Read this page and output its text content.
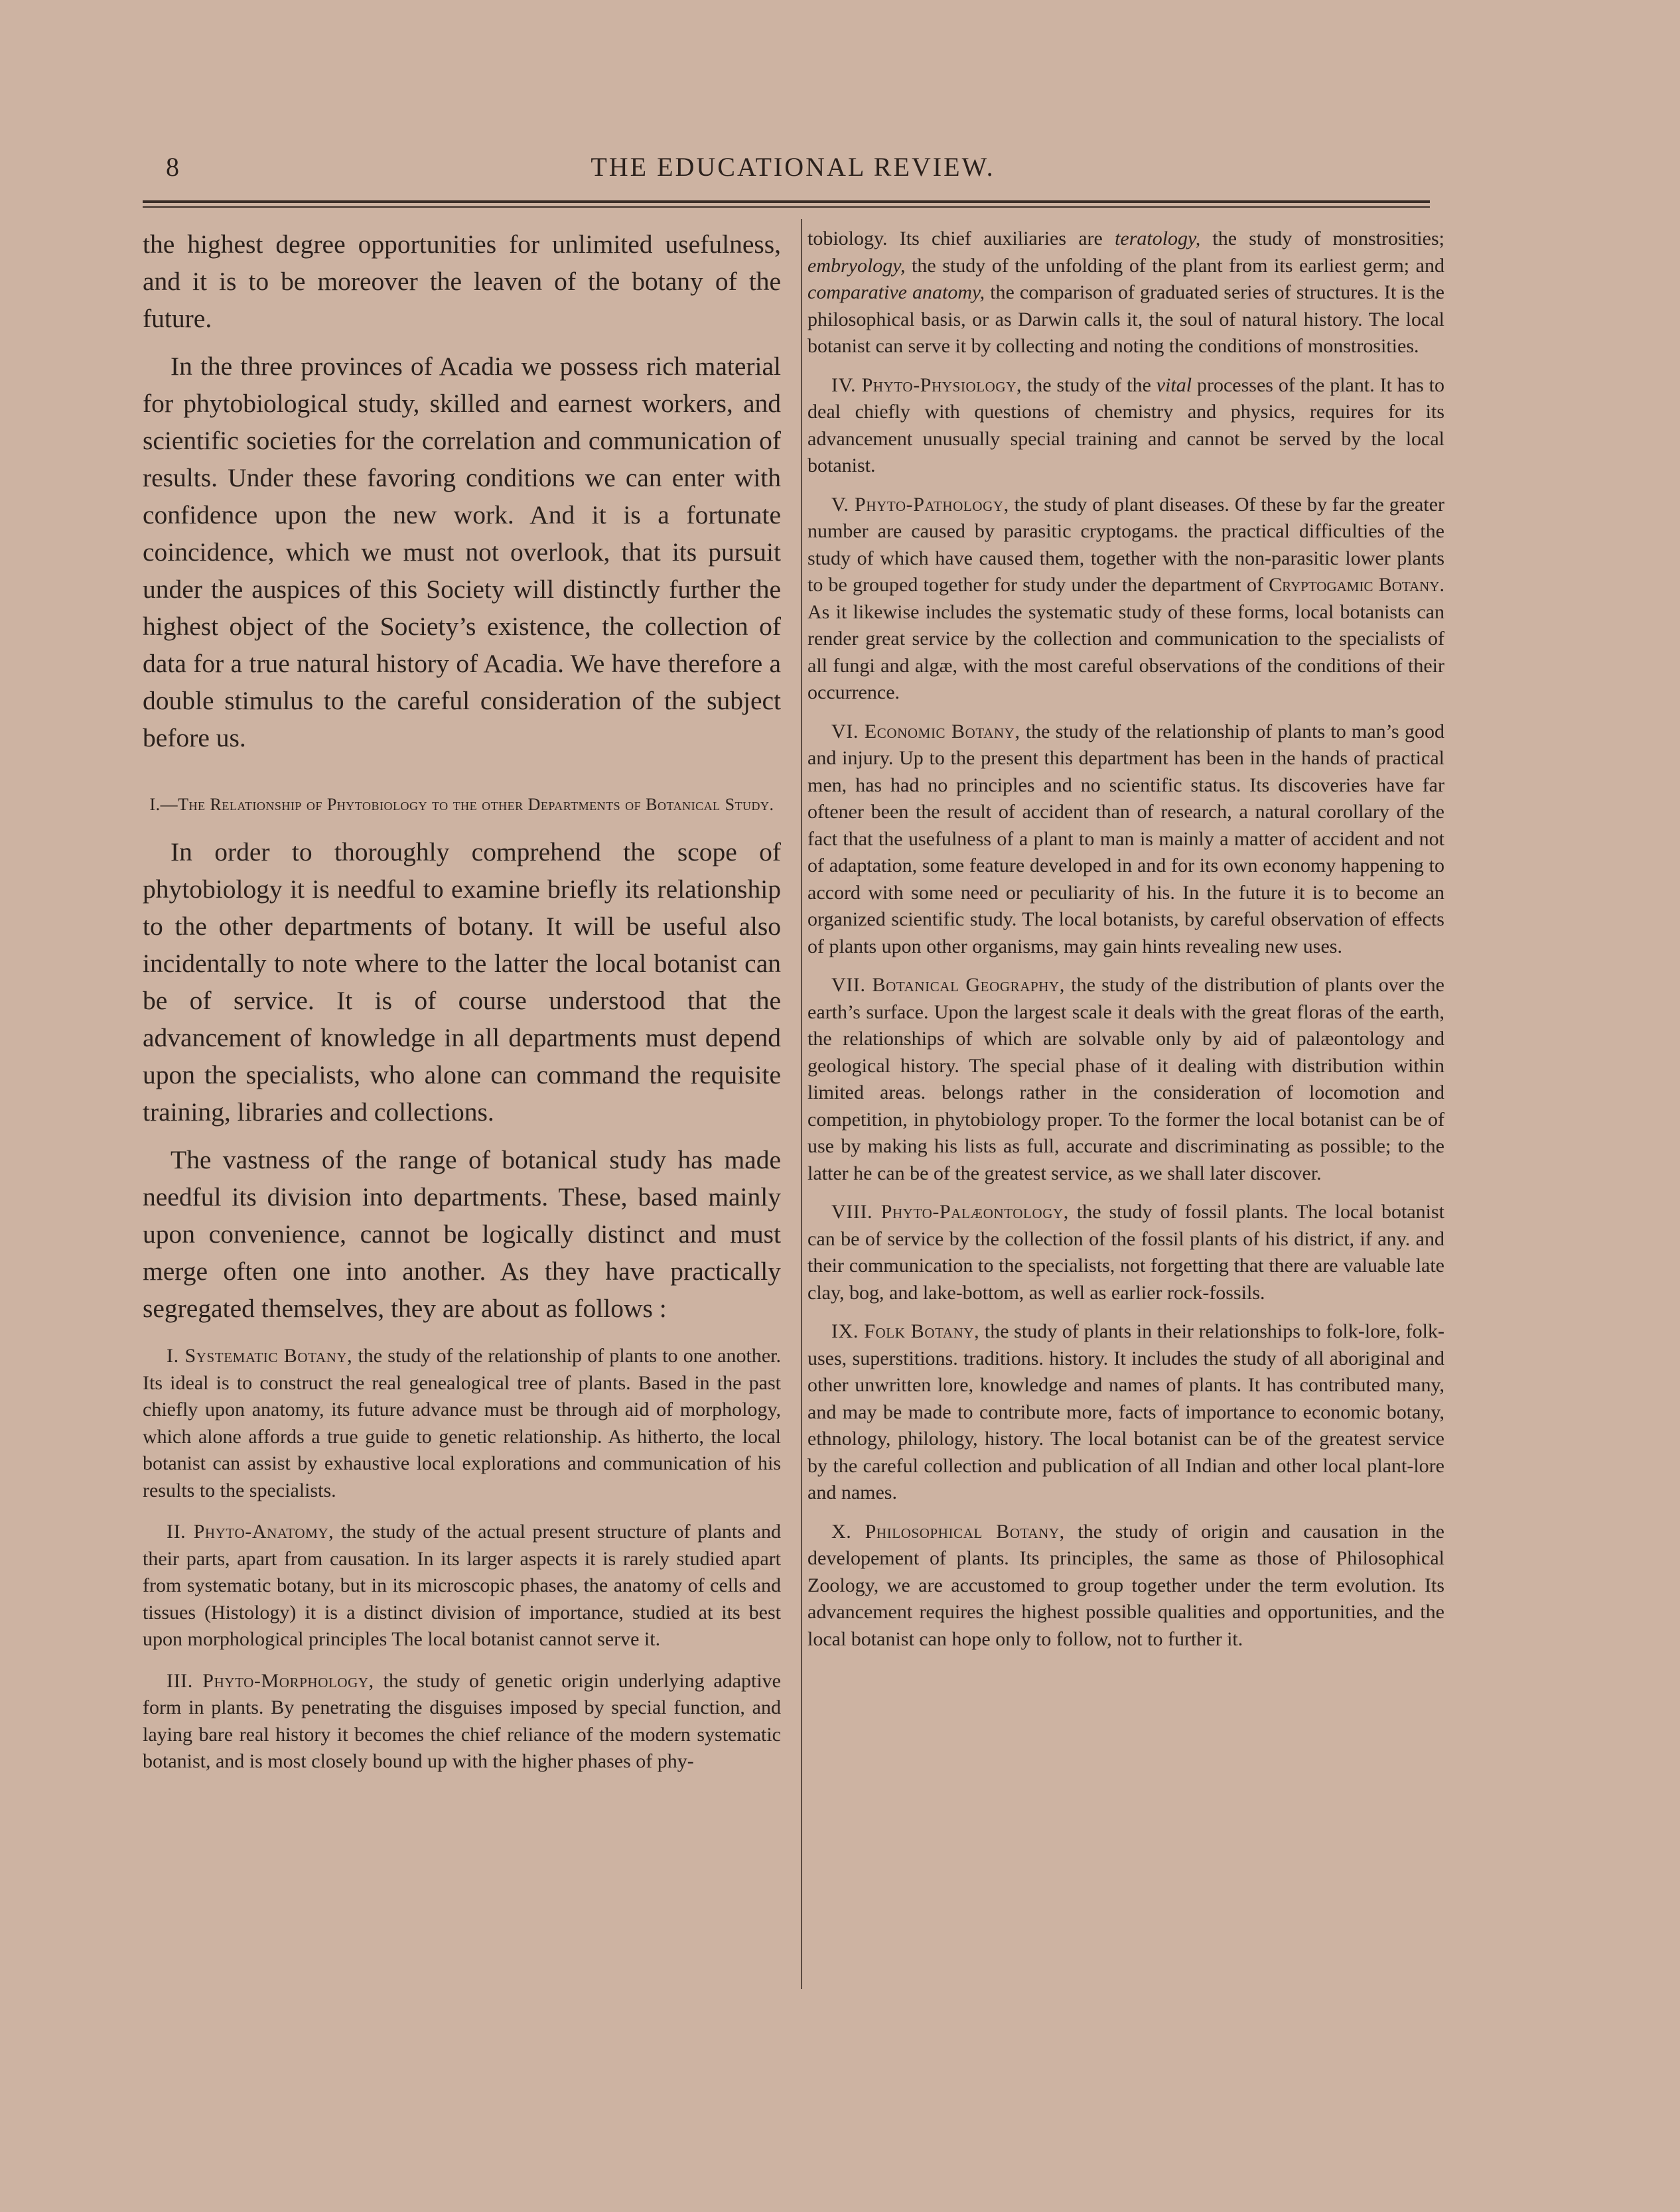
8	THE EDUCATIONAL REVIEW.

the highest degree opportunities for unlimited usefulness, and it is to be moreover the leaven of the botany of the future.

In the three provinces of Acadia we possess rich material for phytobiological study, skilled and earnest workers, and scientific societies for the correlation and communication of results. Under these favoring conditions we can enter with confidence upon the new work. And it is a fortunate coincidence, which we must not overlook, that its pursuit under the auspices of this Society will distinctly further the highest object of the Society’s existence, the collection of data for a true natural history of Acadia. We have therefore a double stimulus to the careful consideration of the subject before us.

I.—The Relationship of Phytobiology to the other Departments of Botanical Study.

In order to thoroughly comprehend the scope of phytobiology it is needful to examine briefly its relationship to the other departments of botany. It will be useful also incidentally to note where to the latter the local botanist can be of service. It is of course understood that the advancement of knowledge in all departments must depend upon the specialists, who alone can command the requisite training, libraries and collections.

The vastness of the range of botanical study has made needful its division into departments. These, based mainly upon convenience, cannot be logically distinct and must merge often one into another. As they have practically segregated themselves, they are about as follows :

I. Systematic Botany, the study of the relationship of plants to one another. Its ideal is to construct the real genealogical tree of plants. Based in the past chiefly upon anatomy, its future advance must be through aid of morphology, which alone affords a true guide to genetic relationship. As hitherto, the local botanist can assist by exhaustive local explorations and communication of his results to the specialists.

II. Phyto-Anatomy, the study of the actual present structure of plants and their parts, apart from causation. In its larger aspects it is rarely studied apart from systematic botany, but in its microscopic phases, the anatomy of cells and tissues (Histology) it is a distinct division of importance, studied at its best upon morphological principles The local botanist cannot serve it.

III. Phyto-Morphology, the study of genetic origin underlying adaptive form in plants. By penetrating the disguises imposed by special function, and laying bare real history it becomes the chief reliance of the modern systematic botanist, and is most closely bound up with the higher phases of phy-

tobiology. Its chief auxiliaries are teratology, the study of monstrosities; embryology, the study of the unfolding of the plant from its earliest germ; and comparative anatomy, the comparison of graduated series of structures. It is the philosophical basis, or as Darwin calls it, the soul of natural history. The local botanist can serve it by collecting and noting the conditions of monstrosities.

IV. Phyto-Physiology, the study of the vital processes of the plant. It has to deal chiefly with questions of chemistry and physics, requires for its advancement unusually special training and cannot be served by the local botanist.

V. Phyto-Pathology, the study of plant diseases. Of these by far the greater number are caused by parasitic cryptogams. the practical difficulties of the study of which have caused them, together with the non-parasitic lower plants to be grouped together for study under the department of Cryptogamic Botany. As it likewise includes the systematic study of these forms, local botanists can render great service by the collection and communication to the specialists of all fungi and algæ, with the most careful observations of the conditions of their occurrence.

VI. Economic Botany, the study of the relationship of plants to man’s good and injury. Up to the present this department has been in the hands of practical men, has had no principles and no scientific status. Its discoveries have far oftener been the result of accident than of research, a natural corollary of the fact that the usefulness of a plant to man is mainly a matter of accident and not of adaptation, some feature developed in and for its own economy happening to accord with some need or peculiarity of his. In the future it is to become an organized scientific study. The local botanists, by careful observation of effects of plants upon other organisms, may gain hints revealing new uses.

VII. Botanical Geography, the study of the distribution of plants over the earth’s surface. Upon the largest scale it deals with the great floras of the earth, the relationships of which are solvable only by aid of palæontology and geological history. The special phase of it dealing with distribution within limited areas. belongs rather in the consideration of locomotion and competition, in phytobiology proper. To the former the local botanist can be of use by making his lists as full, accurate and discriminating as possible; to the latter he can be of the greatest service, as we shall later discover.

VIII. Phyto-Palæontology, the study of fossil plants. The local botanist can be of service by the collection of the fossil plants of his district, if any. and their communication to the specialists, not forgetting that there are valuable late clay, bog, and lake-bottom, as well as earlier rock-fossils.

IX. Folk Botany, the study of plants in their relationships to folk-lore, folk-uses, superstitions. traditions. history. It includes the study of all aboriginal and other unwritten lore, knowledge and names of plants. It has contributed many, and may be made to contribute more, facts of importance to economic botany, ethnology, philology, history. The local botanist can be of the greatest service by the careful collection and publication of all Indian and other local plant-lore and names.

X. Philosophical Botany, the study of origin and causation in the developement of plants. Its principles, the same as those of Philosophical Zoology, we are accustomed to group together under the term evolution. Its advancement requires the highest possible qualities and opportunities, and the local botanist can hope only to follow, not to further it.
